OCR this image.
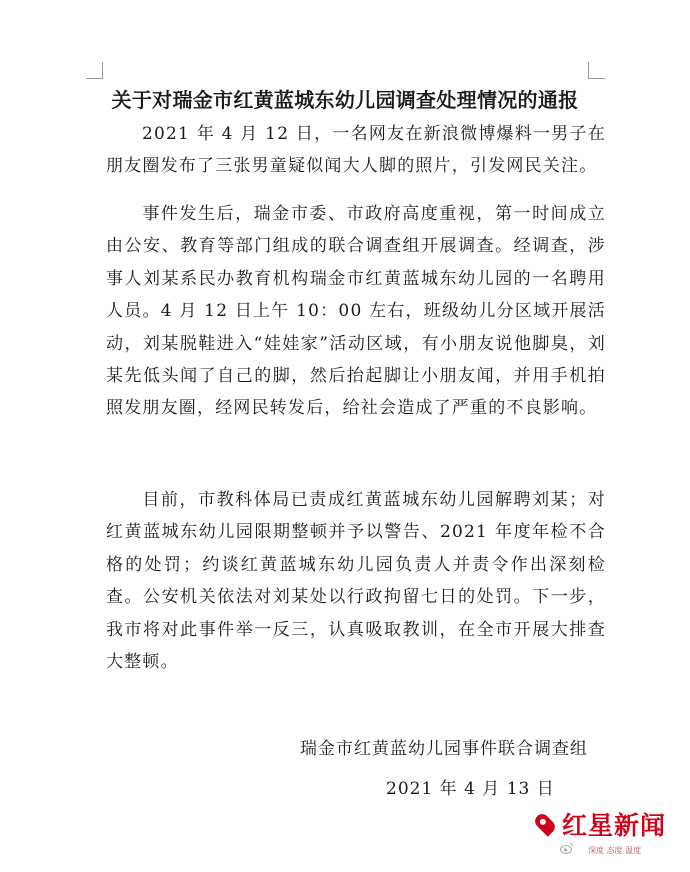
关于对瑞金市红黄蓝城东幼儿园调查处理情况的通报
2021 年 4 月 12 日，一名网友在新浪微博爆料一男子在朋友圈发布了三张男童疑似闻大人脚的照片，引发网民关注。
事件发生后，瑞金市委、市政府高度重视，第一时间成立由公安、教育等部门组成的联合调查组开展调查。经调查，涉事人刘某系民办教育机构瑞金市红黄蓝城东幼儿园的一名聘用人员。4 月 12 日上午 10：00 左右，班级幼儿分区域开展活动，刘某脱鞋进入“娃娃家”活动区域，有小朋友说他脚臭，刘某先低头闻了自己的脚，然后抬起脚让小朋友闻，并用手机拍照发朋友圈，经网民转发后，给社会造成了严重的不良影响。
目前，市教科体局已责成红黄蓝城东幼儿园解聘刘某；对红黄蓝城东幼儿园限期整顿并予以警告、2021 年度年检不合格的处罚；约谈红黄蓝城东幼儿园负责人并责令作出深刻检查。公安机关依法对刘某处以行政拘留七日的处罚。下一步，我市将对此事件举一反三，认真吸取教训，在全市开展大排查大整顿。
瑞金市红黄蓝幼儿园事件联合调查组
2021 年 4 月 13 日
红星新闻
深度 态度 温度
